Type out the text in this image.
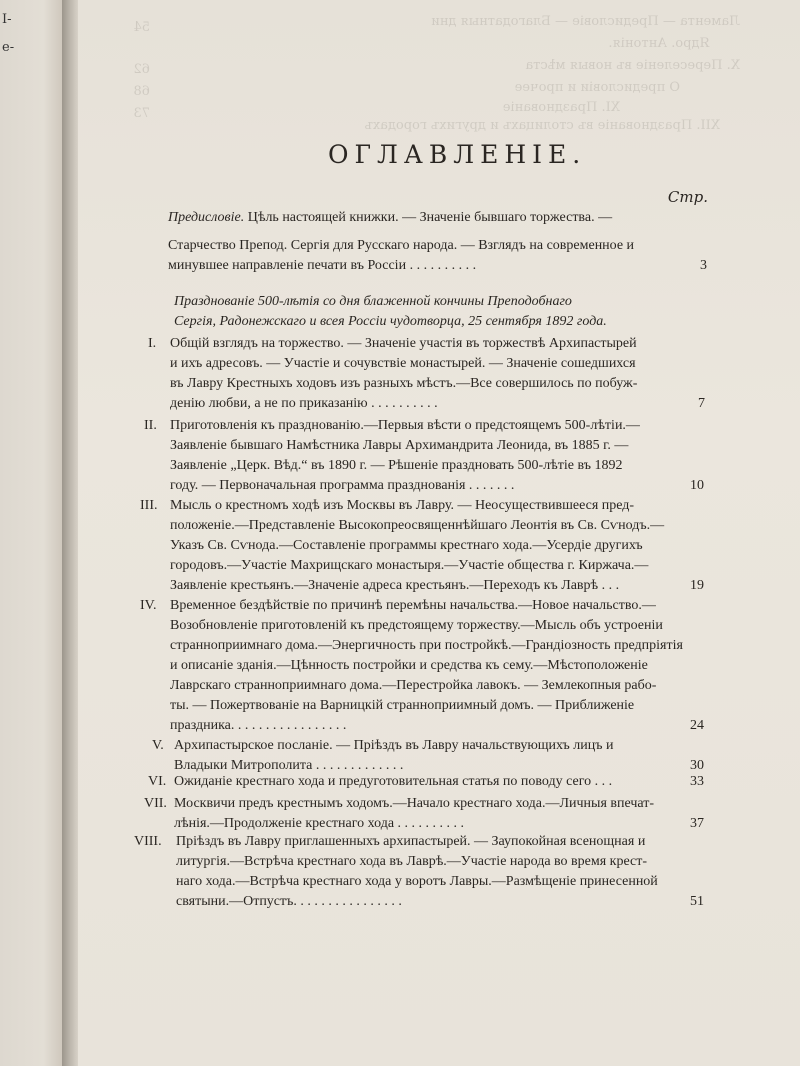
I-
e-
Ламента — Предисловіе — Благодатныя дни
Ядро. Антонія.
Х. Переселеніе въ новыя мѣста
О предисловіи и прочее
XI. Празднованіе
XII. Празднованіе въ столицахъ и другихъ городахъ
54
62
68
73
ОГЛАВЛЕНІЕ.
Стр.
Предисловіе. Цѣль настоящей книжки. — Значеніе бывшаго торжества. —
Старчество Препод. Сергія для Русскаго народа. — Взглядъ на современное и
минувшее направленіе печати въ Россіи . . . . . . . . . .	3
Празднованіе 500-лѣтія со дня блаженной кончины Преподобнаго
Сергія, Радонежскаго и всея Россіи чудотворца, 25 сентября 1892 года.
I. Общій взглядъ на торжество. — Значеніе участія въ торжествѣ Архипастырей
и ихъ адресовъ. — Участіе и сочувствіе монастырей. — Значеніе сошедшихся
въ Лавру Крестныхъ ходовъ изъ разныхъ мѣстъ.—Все совершилось по побуж-
денію любви, а не по приказанію . . . . . . . . . .	7
II. Приготовленія къ празднованію.—Первыя вѣсти о предстоящемъ 500-лѣтіи.—
Заявленіе бывшаго Намѣстника Лавры Архимандрита Леонида, въ 1885 г. —
Заявленіе „Церк. Вѣд.“ въ 1890 г. — Рѣшеніе праздновать 500-лѣтіе въ 1892
году. — Первоначальная программа празднованія . . . . . . .	10
III. Мысль о крестномъ ходѣ изъ Москвы въ Лавру. — Неосуществившееся пред-
положеніе.—Представленіе Высокопреосвященнѣйшаго Леонтія въ Св. Сѵнодъ.—
Указъ Св. Сѵнода.—Составленіе программы крестнаго хода.—Усердіе другихъ
городовъ.—Участіе Махрищскаго монастыря.—Участіе общества г. Киржача.—
Заявленіе крестьянъ.—Значеніе адреса крестьянъ.—Переходъ къ Лаврѣ . . .	19
IV. Временное бездѣйствіе по причинѣ перемѣны начальства.—Новое начальство.—
Возобновленіе приготовленій къ предстоящему торжеству.—Мысль объ устроеніи
странноприимнаго дома.—Энергичность при постройкѣ.—Грандіозность предпріятія
и описаніе зданія.—Цѣнность постройки и средства къ сему.—Мѣстоположеніе
Лаврскаго странноприимнаго дома.—Перестройка лавокъ. — Землекопныя рабо-
ты. — Пожертвованіе на Варницкій странноприимный домъ. — Приближеніе
праздника. . . . . . . . . . . . . . . . .	24
V. Архипастырское посланіе. — Пріѣздъ въ Лавру начальствующихъ лицъ и
Владыки Митрополита . . . . . . . . . . . . .	30
VI. Ожиданіе крестнаго хода и предуготовительная статья по поводу сего . . .	33
VII. Москвичи предъ крестнымъ ходомъ.—Начало крестнаго хода.—Личныя впечат-
лѣнія.—Продолженіе крестнаго хода . . . . . . . . . .	37
VIII. Пріѣздъ въ Лавру приглашенныхъ архипастырей. — Заупокойная всенощная и
литургія.—Встрѣча крестнаго хода въ Лаврѣ.—Участіе народа во время крест-
наго хода.—Встрѣча крестнаго хода у воротъ Лавры.—Размѣщеніе принесенной
святыни.—Отпустъ. . . . . . . . . . . . . . . .	51
